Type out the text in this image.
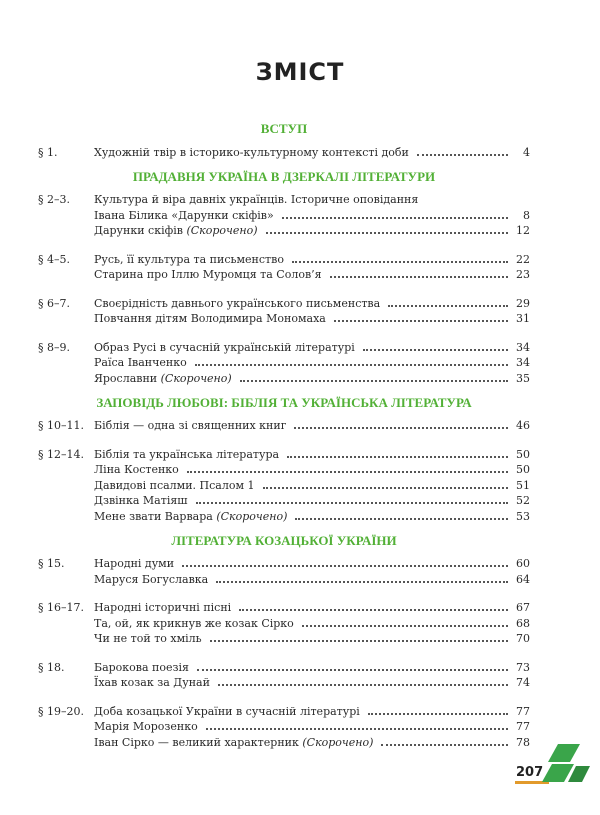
ЗМІСТ
ВСТУП
§ 1.	Художній твір в історико-культурному контексті доби	4
ПРАДАВНЯ УКРАЇНА В ДЗЕРКАЛІ ЛІТЕРАТУРИ
§ 2–3.	Культура й віра давніх українців. Історичне оповідання
Івана Білика «Дарунки скіфів»	8
Дарунки скіфів (Скорочено)	12
§ 4–5.	Русь, її культура та письменство	22
Старина про Іллю Муромця та Солов’я	23
§ 6–7.	Своєрідність давнього українського письменства	29
Повчання дітям Володимира Мономаха	31
§ 8–9.	Образ Русі в сучасній українській літературі	34
Раїса Іванченко	34
Ярославни (Скорочено)	35
ЗАПОВІДЬ ЛЮБОВІ: БІБЛІЯ ТА УКРАЇНСЬКА ЛІТЕРАТУРА
§ 10–11. Біблія — одна зі священних книг	46
§ 12–14. Біблія та українська література	50
Ліна Костенко	50
Давидові псалми. Псалом 1	51
Дзвінка Матіяш	52
Мене звати Варвара (Скорочено)	53
ЛІТЕРАТУРА КОЗАЦЬКОЇ УКРАЇНИ
§ 15.	Народні думи	60
Маруся Богуславка	64
§ 16–17. Народні історичні пісні	67
Та, ой, як крикнув же козак Сірко	68
Чи не той то хміль	70
§ 18.	Барокова поезія	73
Їхав козак за Дунай	74
§ 19–20. Доба козацької України в сучасній літературі	77
Марія Морозенко	77
Іван Сірко — великий характерник (Скорочено)	78
207
